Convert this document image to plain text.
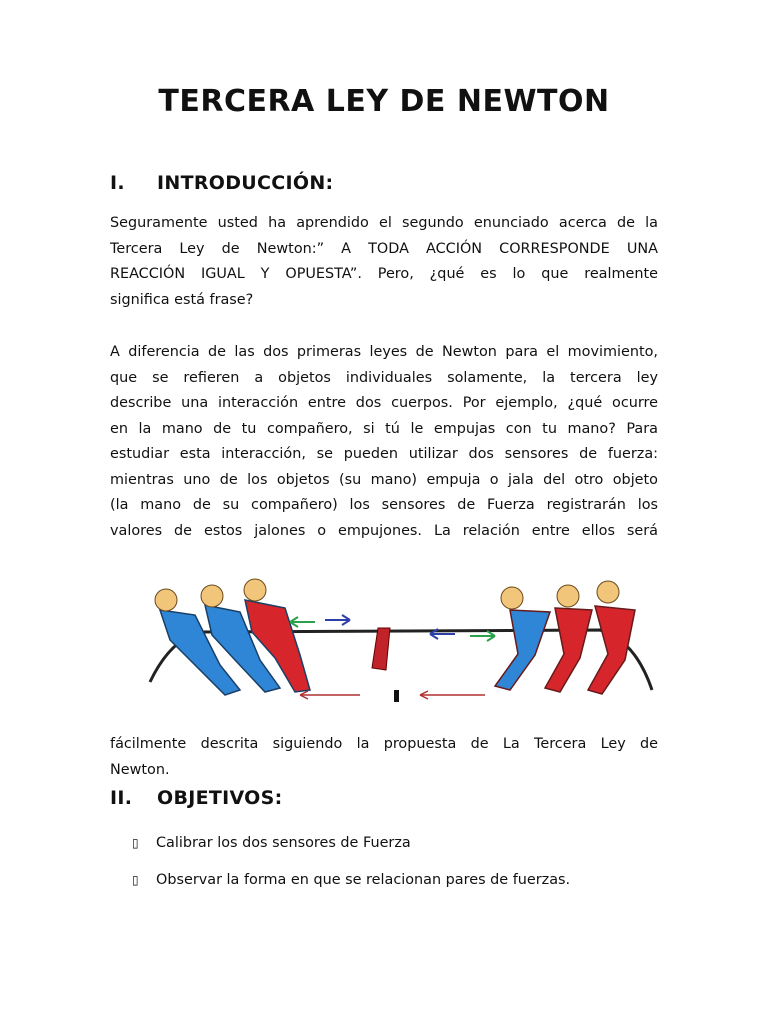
TERCERA LEY DE NEWTON
I. INTRODUCCIÓN:
Seguramente usted ha aprendido el segundo enunciado acerca de la
Tercera Ley de Newton:” A TODA ACCIÓN CORRESPONDE UNA
REACCIÓN IGUAL Y OPUESTA”. Pero, ¿qué es lo que realmente
significa está frase?
A diferencia de las dos primeras leyes de Newton para el movimiento,
que se refieren a objetos individuales solamente, la tercera ley
describe una interacción entre dos cuerpos. Por ejemplo, ¿qué ocurre
en la mano de tu compañero, si tú le empujas con tu mano? Para
estudiar esta interacción, se pueden utilizar dos sensores de fuerza:
mientras uno de los objetos (su mano) empuja o jala del otro objeto
(la mano de su compañero) los sensores de Fuerza registrarán los
valores de estos jalones o empujones. La relación entre ellos será
fácilmente descrita siguiendo la propuesta de La Tercera Ley de
Newton.
II. OBJETIVOS:
▯	Calibrar los dos sensores de Fuerza
▯	Observar la forma en que se relacionan pares de fuerzas.
